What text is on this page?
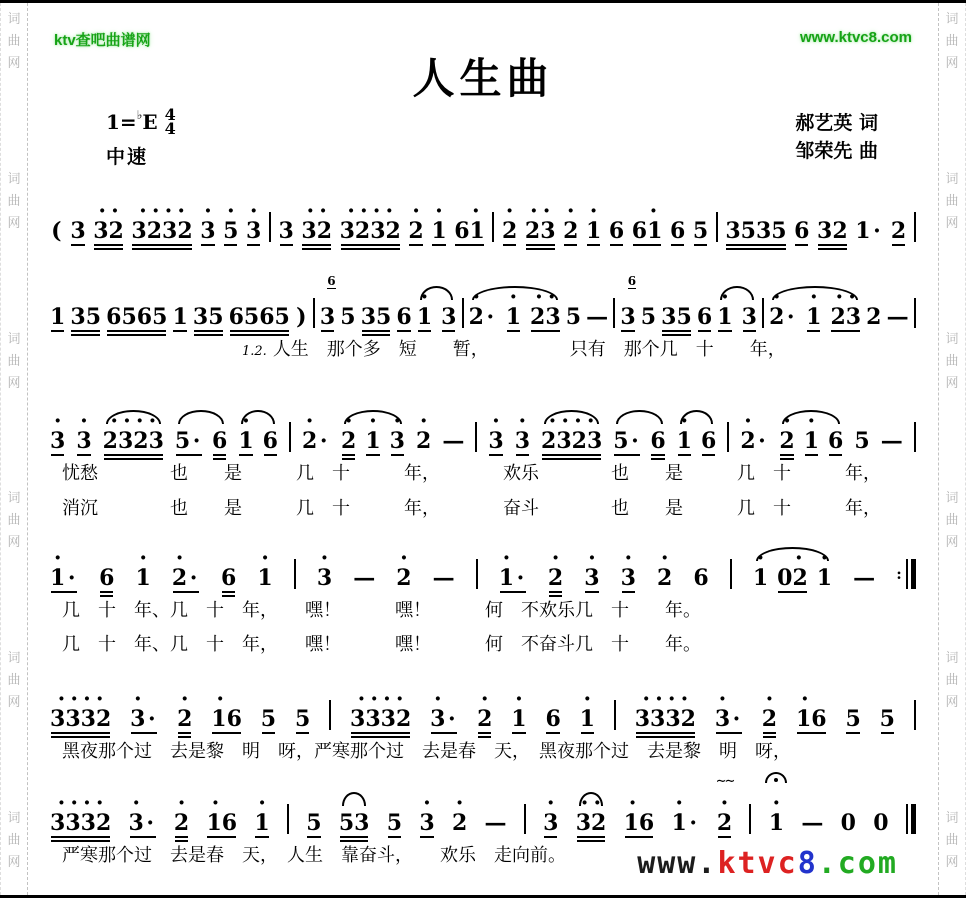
词
曲
网
词
曲
网
词
曲
网
词
曲
网
词
曲
网
词
曲
网
ktv查吧曲谱网	www.ktvc8.com
人生曲
1=♭ E 4
4
中速
郝艺英 词
邹荣先 曲

(
3
· ·
32
· · · ·
3232
·
3
·
5
·
3
3
· ·
32
· · · ·
3232
·
2
·
1
·
61
·
2
· ·
23
·
2
·
1
6
·
61
6
5
3535
6
32
1 ·
2

1
35
6565
1
35
6565
)
3
5
6

35
6
·
1
3
·
2 ·
·
1
· ·
23
5
—
3
5
6

35
6
·
1
3
·
2 ·
·
1
· ·
23
2
—
1.2. 人生　那个多　短　　暂，　　　　　只有　那个几　十　　年，
·
3
·
3
· · · ·
2323
5 ·
6
·
1
6
·
2 ·
·
2
·
1
·
3
·
2
—
·
3
·
3
· · · ·
2323
5 ·
6
·
1
6
·
2 ·
·
2
·
1
6
5
—
忧愁　　　　也　　是　　　几　十　　　年，　　　　欢乐　　　　也　　是　　　几　十　　　年，
消沉　　　　也　　是　　　几　十　　　年，　　　　奋斗　　　　也　　是　　　几　十　　　年，
·
1 ·
6
·
1
·
2 ·
6
·
1
·
3
—
·
2
—
·
1 ·
·
2
·
3
·
3
·
2
6
·
1
·
02
·
1
— :
几　十　年、几　十　年，　　嘿！　　　嘿！　　　何　不欢乐几　十　　年。
几　十　年、几　十　年，　　嘿！　　　嘿！　　　何　不奋斗几　十　　年。
· · · ·
3332
·
3 ·
·
2
·
16
5
5
· · · ·
3332
·
3 ·
·
2
·
1
6
·
1
· · · ·
3332
·
3 ·
·
2
·
16
5
5
黑夜那个过　去是黎　明　呀，严寒那个过　去是春　天，　黑夜那个过　去是黎　明　呀，
· · · ·
3332
·
3 ·
·
2
·
16
·
1
5
53
5
·
3
·
2
—
·
3
· ·
32
·
16
·
1 ·
·
2
∼∼
·
1
—
0
0
严寒那个过　去是春　天，　人生　靠奋斗，　　欢乐　走向前。	www.ktvc8.com
词
曲
网
词
曲
网
词
曲
网
词
曲
网
词
曲
网
词
曲
网
